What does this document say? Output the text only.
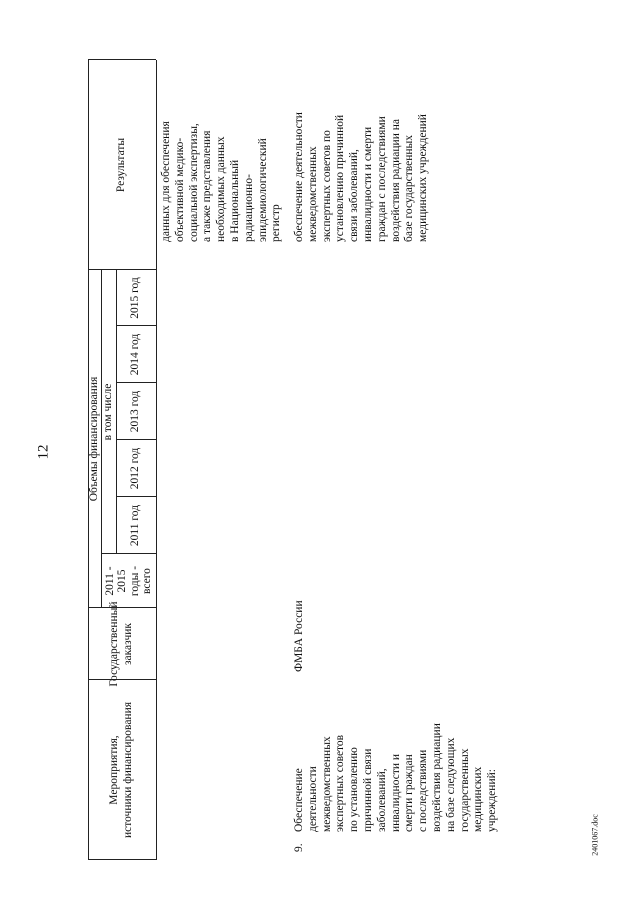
12
2401067.doc
Мероприятия,
источники финансирования
Государственный
заказчик
Объемы финансирования
2011 -
2015
годы -
всего
в том числе
2011 год
2012 год
2013 год
2014 год
2015 год
Результаты
данных для обеспечения
объективной медико-
социальной экспертизы,
а также представления
необходимых данных
в Национальный
радиационно-
эпидемиологический
регистр
9.
Обеспечение
деятельности
межведомственных
экспертных советов
по установлению
причинной связи
заболеваний,
инвалидности и
смерти граждан
с последствиями
воздействия радиации
на базе следующих
государственных
медицинских
учреждений:
ФМБА России
обеспечение деятельности
межведомственных
экспертных советов по
установлению причинной
связи заболеваний,
инвалидности и смерти
граждан с последствиями
воздействия радиации на
базе государственных
медицинских учреждений
